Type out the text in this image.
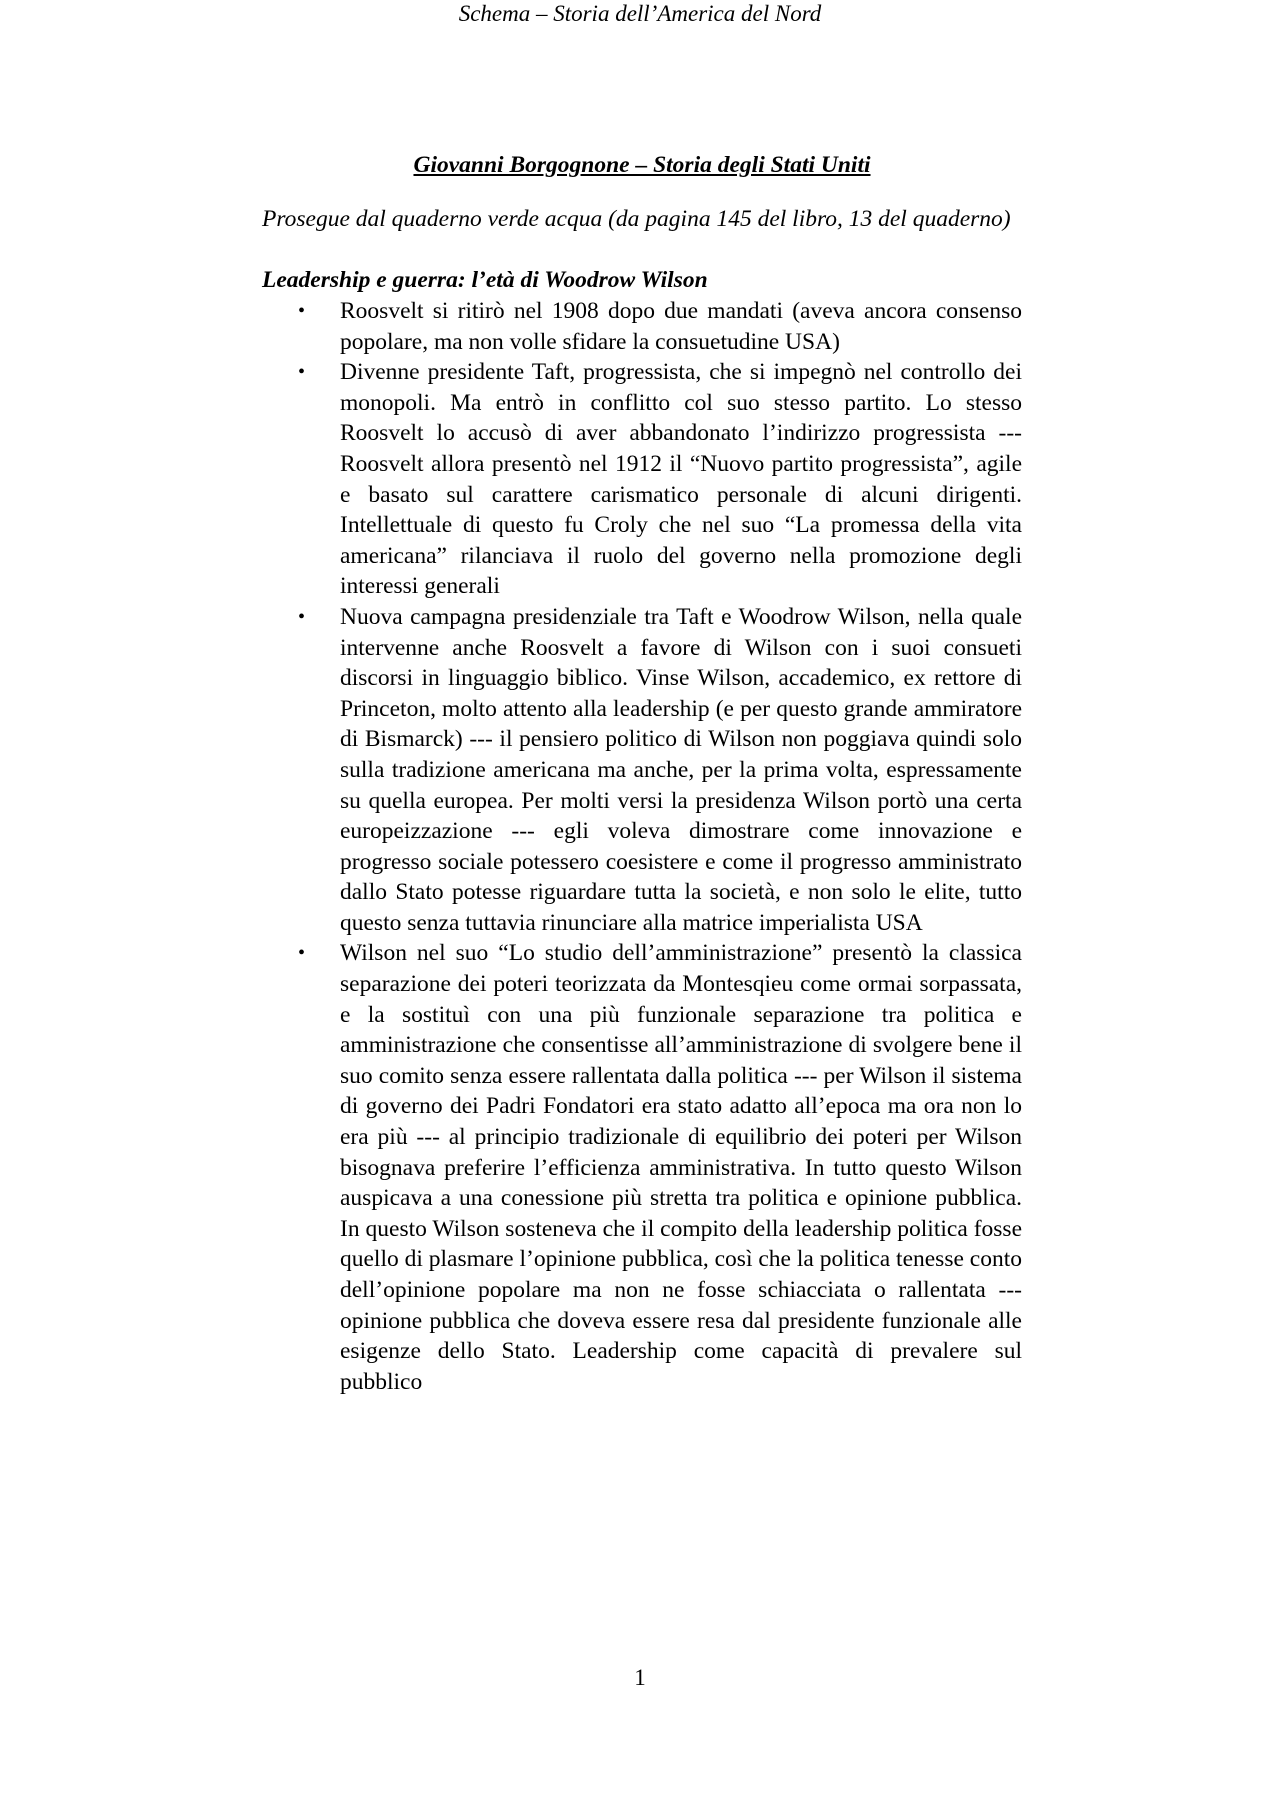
Schema – Storia dell’America del Nord
Giovanni Borgognone – Storia degli Stati Uniti

Prosegue dal quaderno verde acqua (da pagina 145 del libro, 13 del quaderno)

Leadership e guerra: l’età di Woodrow Wilson
• Roosvelt si ritirò nel 1908 dopo due mandati (aveva ancora consenso popolare, ma non volle sfidare la consuetudine USA)
• Divenne presidente Taft, progressista, che si impegnò nel controllo dei monopoli. Ma entrò in conflitto col suo stesso partito. Lo stesso Roosvelt lo accusò di aver abbandonato l’indirizzo progressista --- Roosvelt allora presentò nel 1912 il “Nuovo partito progressista”, agile e basato sul carattere carismatico personale di alcuni dirigenti. Intellettuale di questo fu Croly che nel suo “La promessa della vita americana” rilanciava il ruolo del governo nella promozione degli interessi generali
• Nuova campagna presidenziale tra Taft e Woodrow Wilson, nella quale intervenne anche Roosvelt a favore di Wilson con i suoi consueti discorsi in linguaggio biblico. Vinse Wilson, accademico, ex rettore di Princeton, molto attento alla leadership (e per questo grande ammiratore di Bismarck) --- il pensiero politico di Wilson non poggiava quindi solo sulla tradizione americana ma anche, per la prima volta, espressamente su quella europea. Per molti versi la presidenza Wilson portò una certa europeizzazione --- egli voleva dimostrare come innovazione e progresso sociale potessero coesistere e come il progresso amministrato dallo Stato potesse riguardare tutta la società, e non solo le elite, tutto questo senza tuttavia rinunciare alla matrice imperialista USA
• Wilson nel suo “Lo studio dell’amministrazione” presentò la classica separazione dei poteri teorizzata da Montesqieu come ormai sorpassata, e la sostituì con una più funzionale separazione tra politica e amministrazione che consentisse all’amministrazione di svolgere bene il suo comito senza essere rallentata dalla politica --- per Wilson il sistema di governo dei Padri Fondatori era stato adatto all’epoca ma ora non lo era più --- al principio tradizionale di equilibrio dei poteri per Wilson bisognava preferire l’efficienza amministrativa. In tutto questo Wilson auspicava a una conessione più stretta tra politica e opinione pubblica. In questo Wilson sosteneva che il compito della leadership politica fosse quello di plasmare l’opinione pubblica, così che la politica tenesse conto dell’opinione popolare ma non ne fosse schiacciata o rallentata --- opinione pubblica che doveva essere resa dal presidente funzionale alle esigenze dello Stato. Leadership come capacità di prevalere sul pubblico
1
